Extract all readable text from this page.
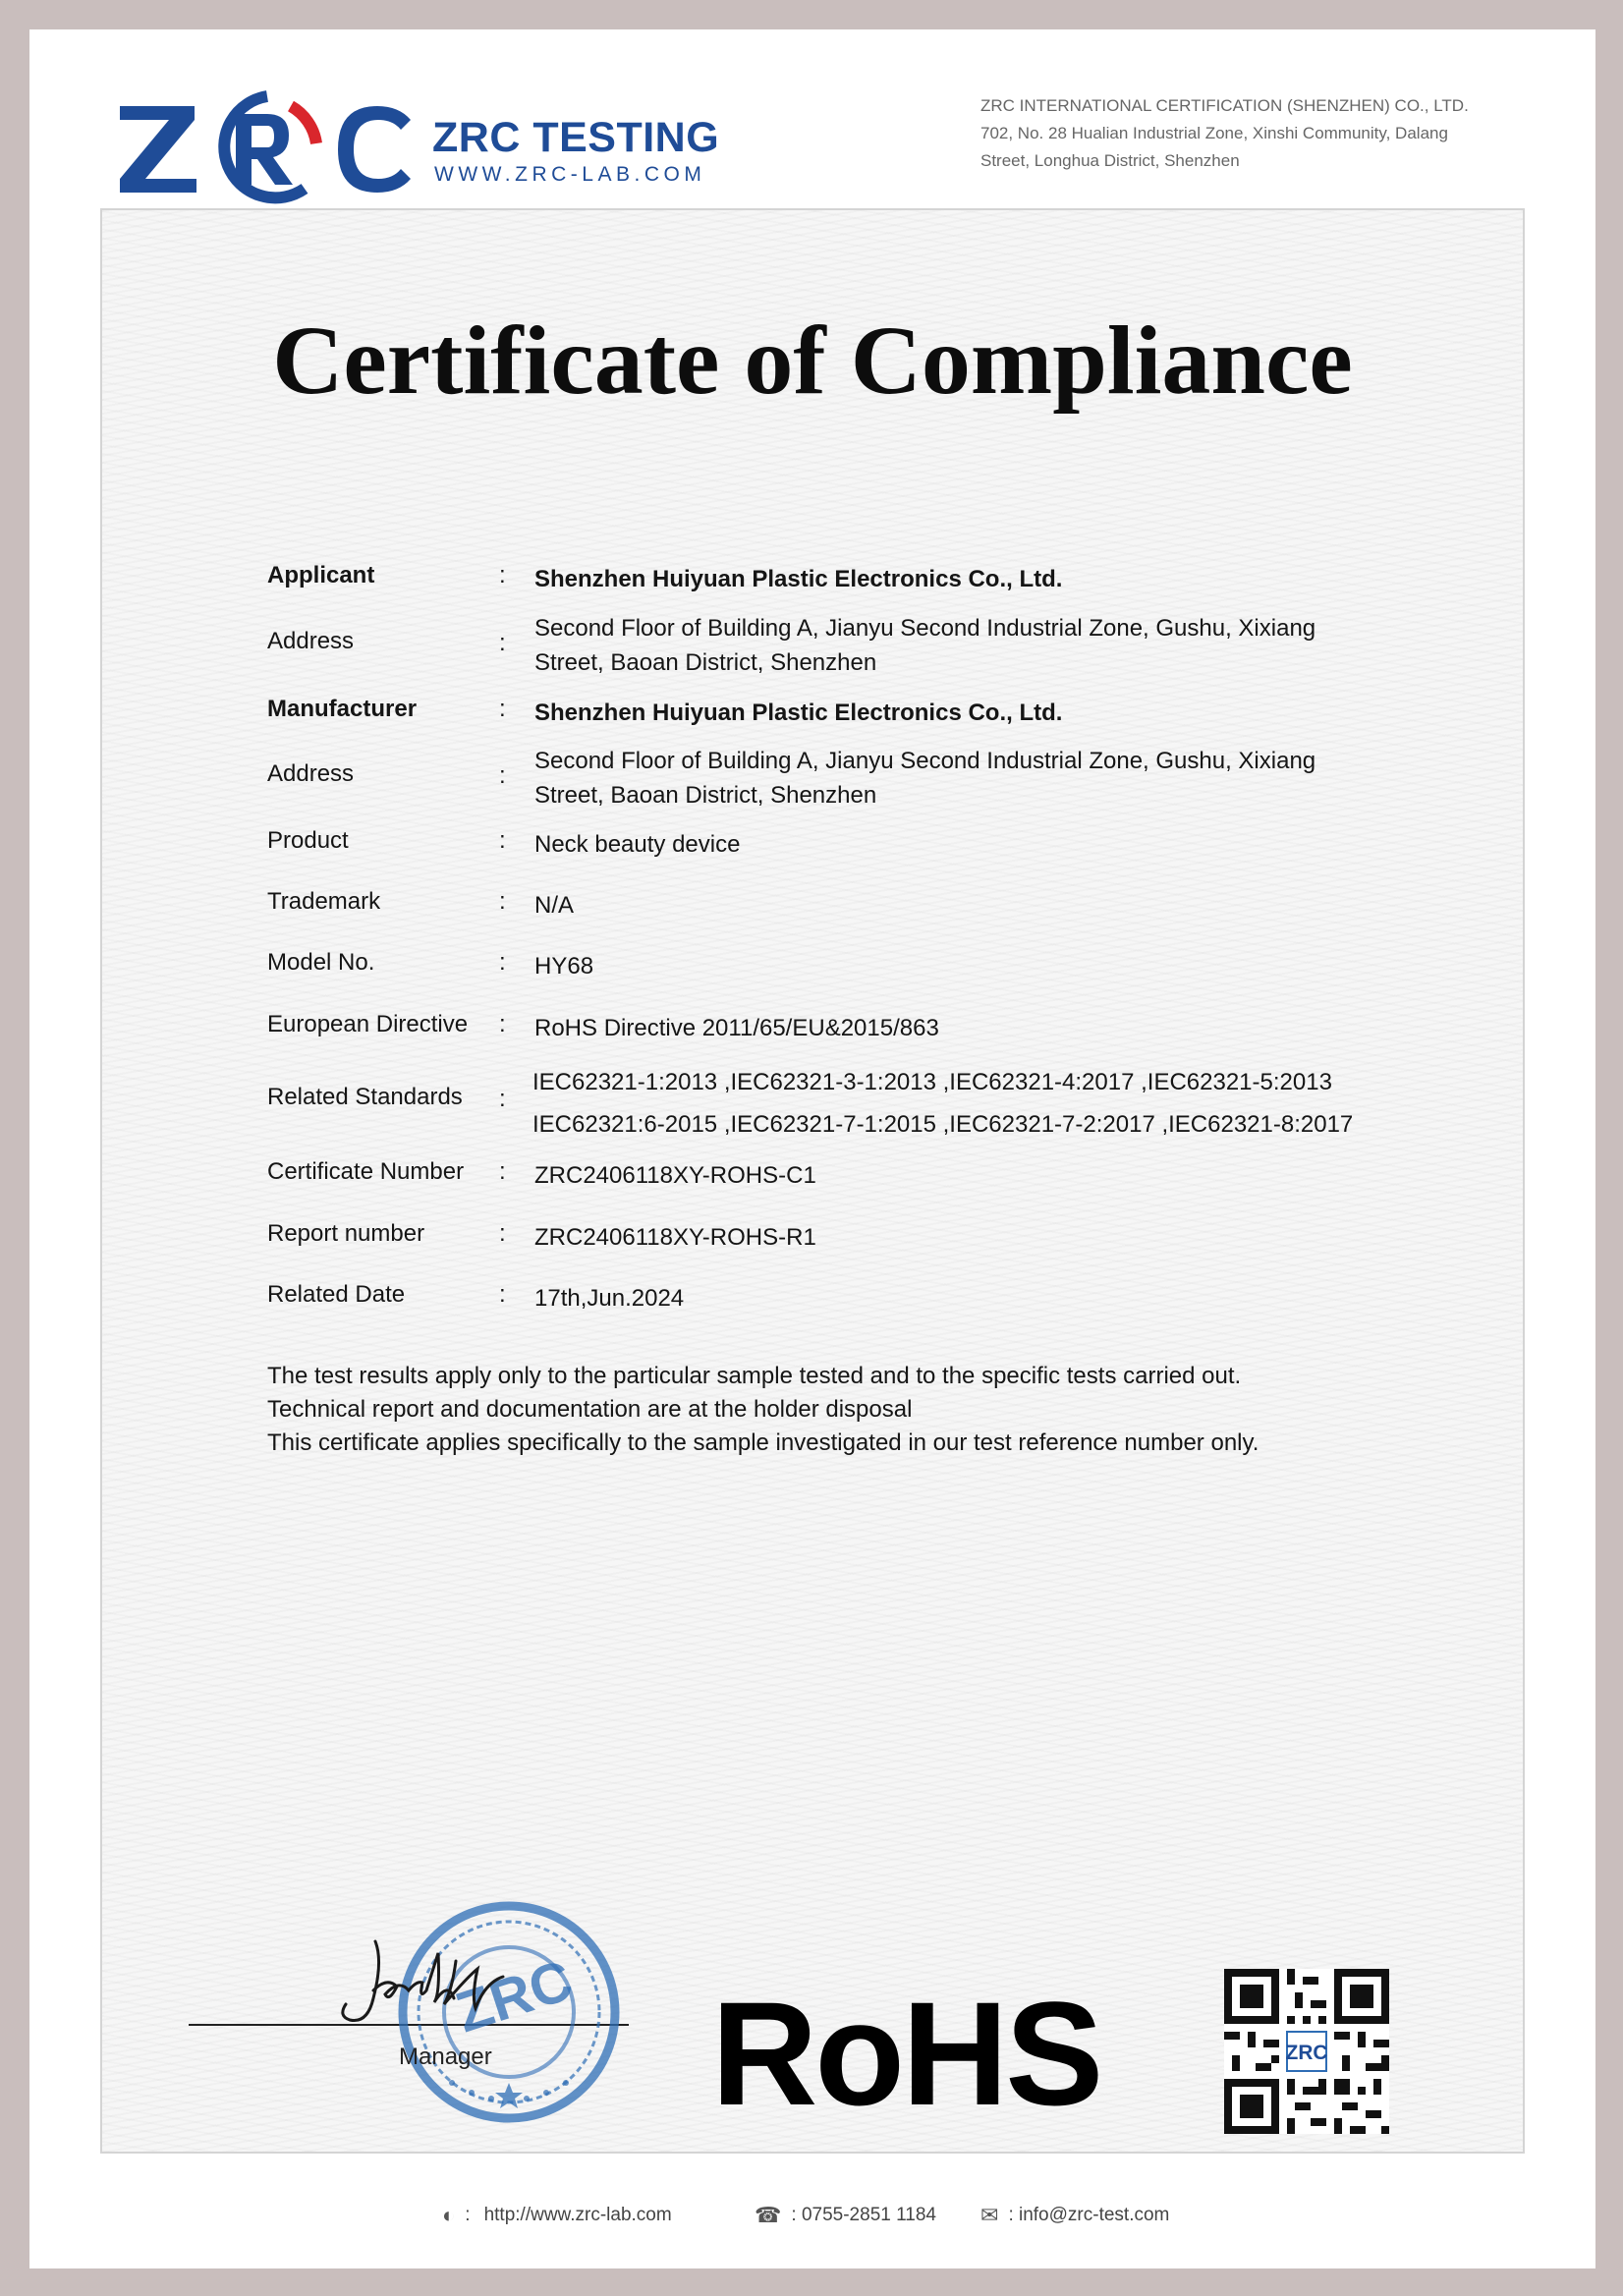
ZRC TESTING
WWW.ZRC-LAB.COM
ZRC INTERNATIONAL CERTIFICATION (SHENZHEN) CO., LTD.
702, No. 28 Hualian Industrial Zone, Xinshi Community, Dalang
Street, Longhua District, Shenzhen
Certificate of Compliance
Applicant	: Shenzhen Huiyuan Plastic Electronics Co., Ltd.
Address	:
Second Floor of Building A, Jianyu Second Industrial Zone, Gushu, Xixiang
Street, Baoan District, Shenzhen
Manufacturer	: Shenzhen Huiyuan Plastic Electronics Co., Ltd.
Address	:
Second Floor of Building A, Jianyu Second Industrial Zone, Gushu, Xixiang
Street, Baoan District, Shenzhen
Product	: Neck beauty device
Trademark	: N/A
Model No.	: HY68
European Directive : RoHS Directive 2011/65/EU&2015/863
Related Standards :
IEC62321-1:2013 ,IEC62321-3-1:2013 ,IEC62321-4:2017 ,IEC62321-5:2013
IEC62321:6-2015 ,IEC62321-7-1:2015 ,IEC62321-7-2:2017 ,IEC62321-8:2017
Certificate Number : ZRC2406118XY-ROHS-C1
Report number	: ZRC2406118XY-ROHS-R1
Related Date	: 17th,Jun.2024
The test results apply only to the particular sample tested and to the specific tests carried out.
Technical report and documentation are at the holder disposal
This certificate applies specifically to the sample investigated in our test reference number only.
ZRC
Manager RoHS	ZRC
◐ : http://www.zrc-lab.com	☎ : 0755-2851 1184 ✉ : info@zrc-test.com
